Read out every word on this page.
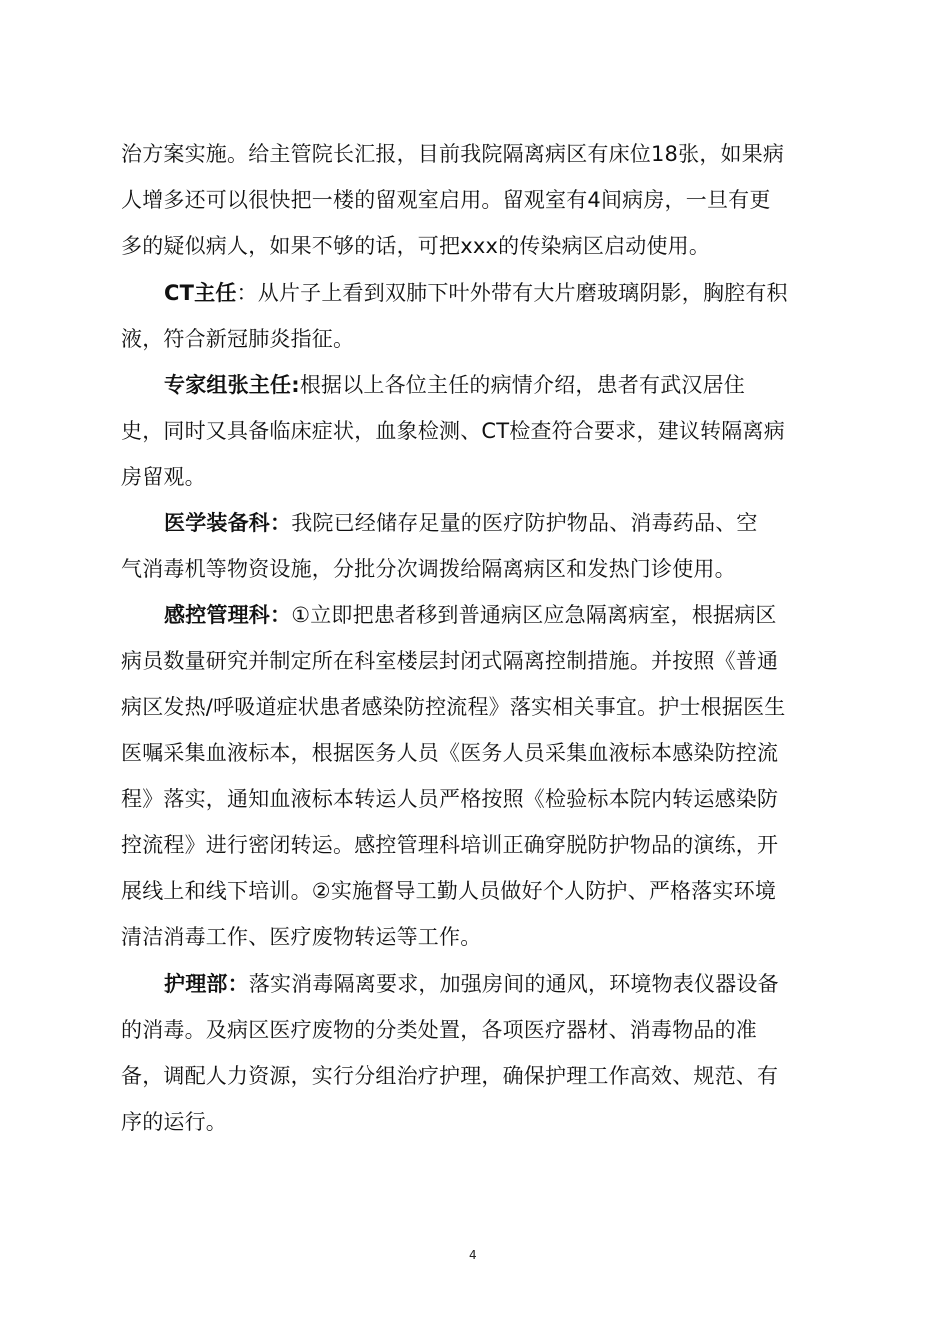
治方案实施。给主管院长汇报，目前我院隔离病区有床位18张，如果病
人增多还可以很快把一楼的留观室启用。留观室有4间病房，一旦有更
多的疑似病人，如果不够的话，可把xxx的传染病区启动使用。
CT主任：从片子上看到双肺下叶外带有大片磨玻璃阴影，胸腔有积
液，符合新冠肺炎指征。
专家组张主任:根据以上各位主任的病情介绍，患者有武汉居住
史，同时又具备临床症状，血象检测、CT检查符合要求，建议转隔离病
房留观。
医学装备科：我院已经储存足量的医疗防护物品、消毒药品、空
气消毒机等物资设施，分批分次调拨给隔离病区和发热门诊使用。
感控管理科：①立即把患者移到普通病区应急隔离病室，根据病区
病员数量研究并制定所在科室楼层封闭式隔离控制措施。并按照《普通
病区发热/呼吸道症状患者感染防控流程》落实相关事宜。护士根据医生
医嘱采集血液标本，根据医务人员《医务人员采集血液标本感染防控流
程》落实，通知血液标本转运人员严格按照《检验标本院内转运感染防
控流程》进行密闭转运。感控管理科培训正确穿脱防护物品的演练，开
展线上和线下培训。②实施督导工勤人员做好个人防护、严格落实环境
清洁消毒工作、医疗废物转运等工作。
护理部：落实消毒隔离要求，加强房间的通风，环境物表仪器设备
的消毒。及病区医疗废物的分类处置，各项医疗器材、消毒物品的准
备，调配人力资源，实行分组治疗护理，确保护理工作高效、规范、有
序的运行。
4
